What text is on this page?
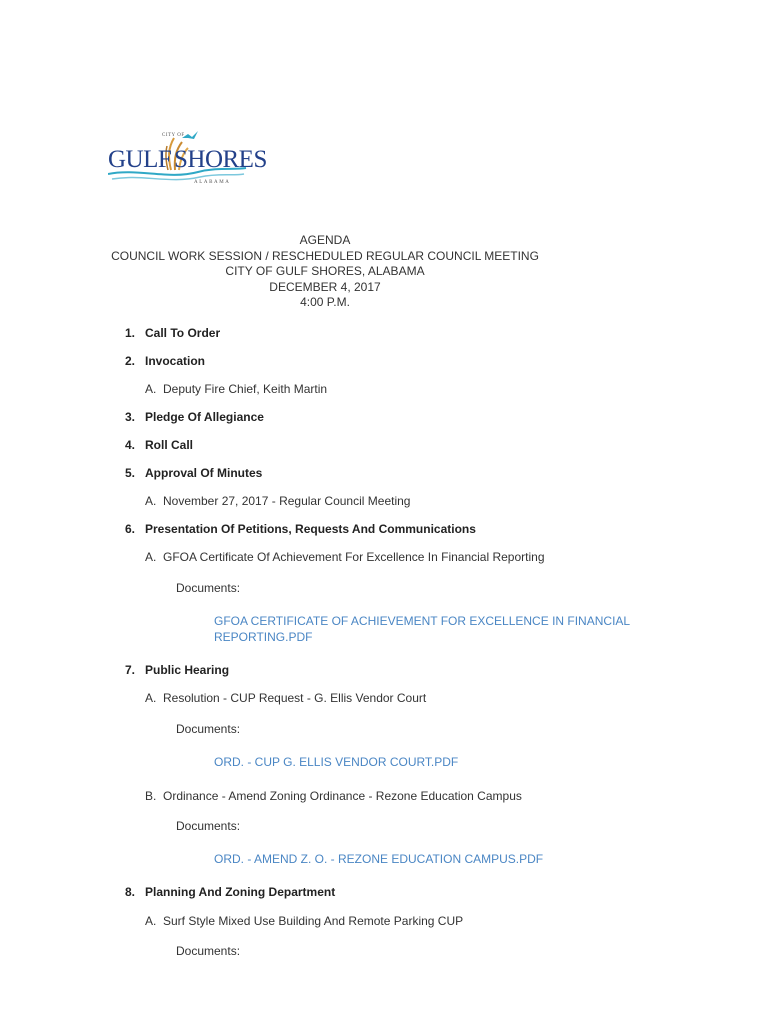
CITY OF
GULF SHORES
ALABAMA
AGENDA
COUNCIL WORK SESSION / RESCHEDULED REGULAR COUNCIL MEETING
CITY OF GULF SHORES, ALABAMA
DECEMBER 4, 2017
4:00 P.M.
1. Call To Order
2. Invocation
A. Deputy Fire Chief, Keith Martin
3. Pledge Of Allegiance
4. Roll Call
5. Approval Of Minutes
A. November 27, 2017 - Regular Council Meeting
6. Presentation Of Petitions, Requests And Communications
A. GFOA Certificate Of Achievement For Excellence In Financial Reporting
Documents:
GFOA CERTIFICATE OF ACHIEVEMENT FOR EXCELLENCE IN FINANCIAL REPORTING.PDF
7. Public Hearing
A. Resolution - CUP Request - G. Ellis Vendor Court
Documents:
ORD. - CUP G. ELLIS VENDOR COURT.PDF
B. Ordinance - Amend Zoning Ordinance - Rezone Education Campus
Documents:
ORD. - AMEND Z. O. - REZONE EDUCATION CAMPUS.PDF
8. Planning And Zoning Department
A. Surf Style Mixed Use Building And Remote Parking CUP
Documents:
